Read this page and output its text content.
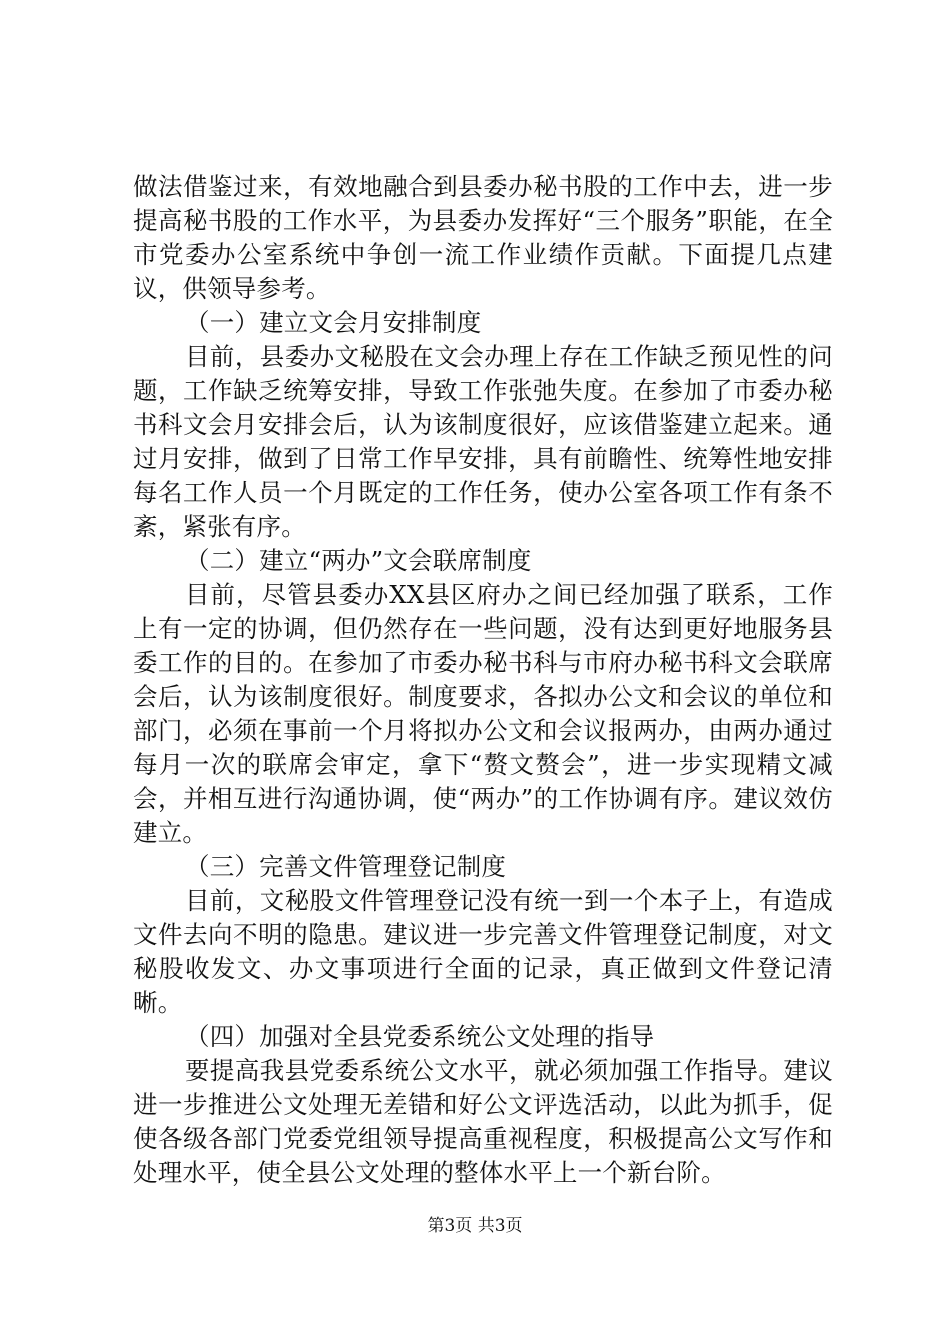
做法借鉴过来，有效地融合到县委办秘书股的工作中去，进一步提高秘书股的工作水平，为县委办发挥好“三个服务”职能，在全市党委办公室系统中争创一流工作业绩作贡献。下面提几点建议，供领导参考。

（一）建立文会月安排制度

目前，县委办文秘股在文会办理上存在工作缺乏预见性的问题，工作缺乏统筹安排，导致工作张弛失度。在参加了市委办秘书科文会月安排会后，认为该制度很好，应该借鉴建立起来。通过月安排，做到了日常工作早安排，具有前瞻性、统筹性地安排每名工作人员一个月既定的工作任务，使办公室各项工作有条不紊，紧张有序。

（二）建立“两办”文会联席制度

目前，尽管县委办XX县区府办之间已经加强了联系，工作上有一定的协调，但仍然存在一些问题，没有达到更好地服务县委工作的目的。在参加了市委办秘书科与市府办秘书科文会联席会后，认为该制度很好。制度要求，各拟办公文和会议的单位和部门，必须在事前一个月将拟办公文和会议报两办，由两办通过每月一次的联席会审定，拿下“赘文赘会”，进一步实现精文减会，并相互进行沟通协调，使“两办”的工作协调有序。建议效仿建立。

（三）完善文件管理登记制度

目前，文秘股文件管理登记没有统一到一个本子上，有造成文件去向不明的隐患。建议进一步完善文件管理登记制度，对文秘股收发文、办文事项进行全面的记录，真正做到文件登记清晰。

（四）加强对全县党委系统公文处理的指导

要提高我县党委系统公文水平，就必须加强工作指导。建议进一步推进公文处理无差错和好公文评选活动，以此为抓手，促使各级各部门党委党组领导提高重视程度，积极提高公文写作和处理水平，使全县公文处理的整体水平上一个新台阶。

第3页 共3页
